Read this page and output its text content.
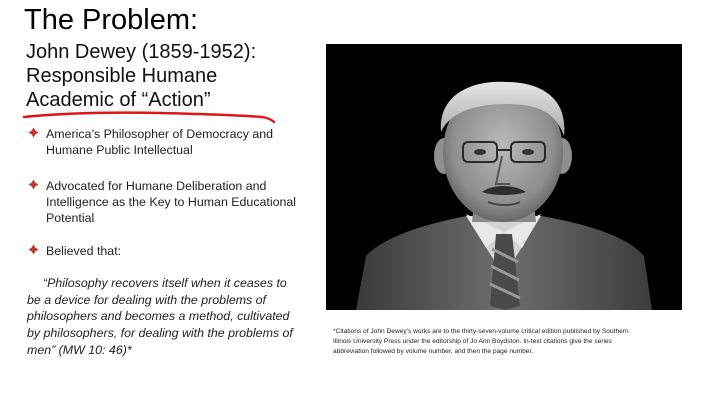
The Problem:
John Dewey (1859-1952):
Responsible Humane
Academic of “Action”
America’s Philosopher of Democracy and
Humane Public Intellectual
Advocated for Humane Deliberation and
Intelligence as the Key to Human Educational
Potential
Believed that:
“Philosophy recovers itself when it ceases to
be a device for dealing with the problems of
philosophers and becomes a method, cultivated
by philosophers, for dealing with the problems of
men” (MW 10: 46)*
*Citations of John Dewey’s works are to the thirty-seven-volume critical edition published by Southern
Illinois University Press under the editorship of Jo Ann Boydston. In-text citations give the series
abbreviation followed by volume number, and then the page number.
